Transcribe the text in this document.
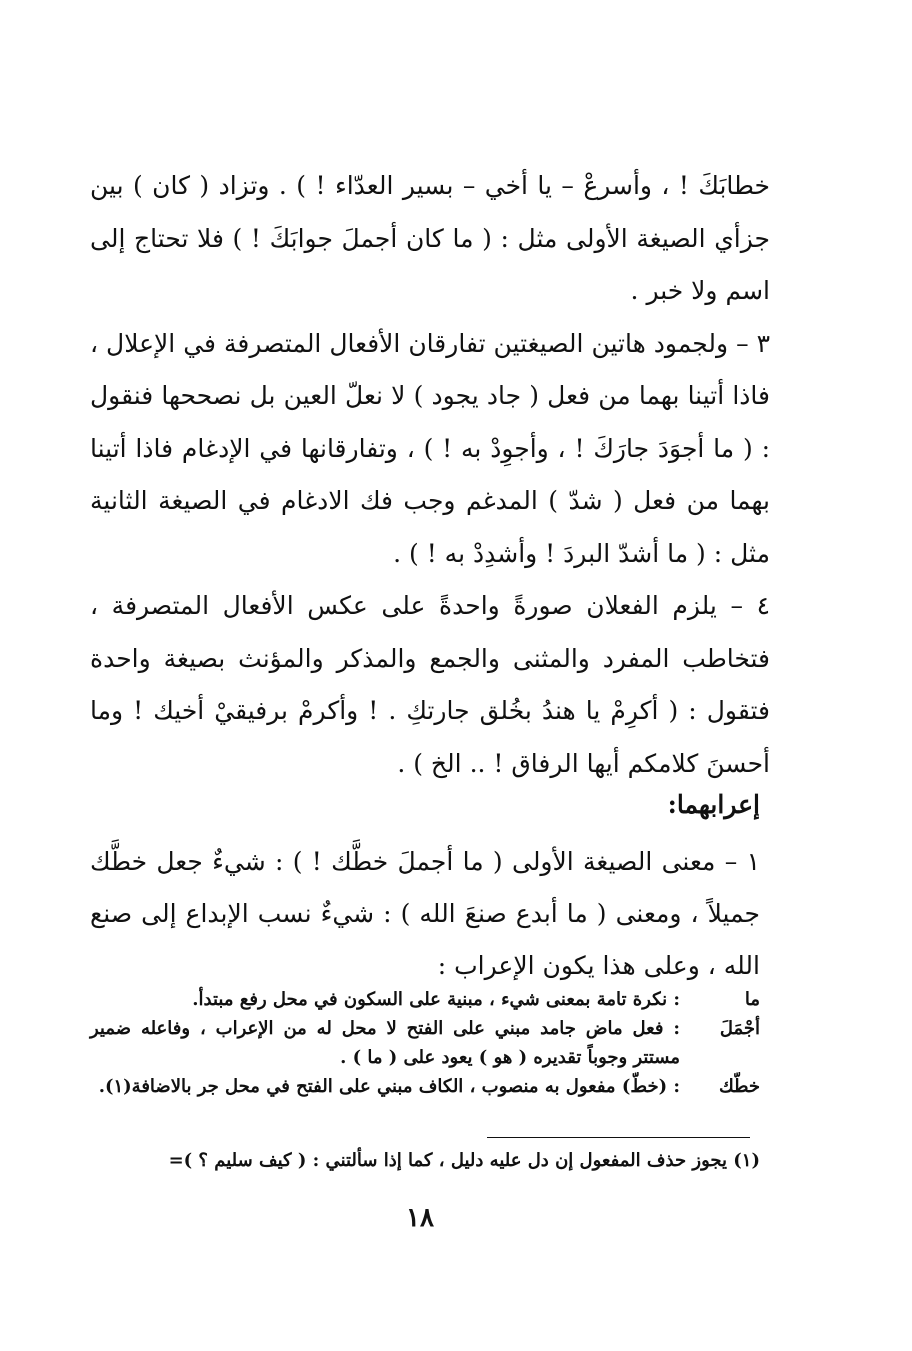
خطابَكَ ! ، وأسرعْ – يا أخي – بسير العدّاء ! ) . وتزاد ( كان ) بين جزأي الصيغة الأولى مثل : ( ما كان أجملَ جوابَكَ ! ) فلا تحتاج إلى اسم ولا خبر .

٣ – ولجمود هاتين الصيغتين تفارقان الأفعال المتصرفة في الإعلال ، فاذا أتينا بهما من فعل ( جاد يجود ) لا نعلّ العين بل نصححها فنقول : ( ما أجوَدَ جارَكَ ! ، وأجوِدْ به ! ) ، وتفارقانها في الإدغام فاذا أتينا بهما من فعل ( شدّ ) المدغم وجب فك الادغام في الصيغة الثانية مثل : ( ما أشدّ البردَ ! وأشدِدْ به ! ) .

٤ – يلزم الفعلان صورةً واحدةً على عكس الأفعال المتصرفة ، فتخاطب المفرد والمثنى والجمع والمذكر والمؤنث بصيغة واحدة فتقول : ( أكرِمْ يا هندُ بخُلق جارتكِ . ! وأكرمْ برفيقيْ أخيك ! وما أحسنَ كلامكم أيها الرفاق ! .. الخ ) .

إعرابهما:

١ – معنى الصيغة الأولى ( ما أجملَ خطَّك ! ) : شيءٌ جعل خطَّك جميلاً ، ومعنى ( ما أبدع صنعَ الله ) : شيءٌ نسب الإبداع إلى صنع الله ، وعلى هذا يكون الإعراب :

ما
: نكرة تامة بمعنى شيء ، مبنية على السكون في محل رفع مبتدأ.
أجْمَلَ
: فعل ماض جامد مبني على الفتح لا محل له من الإعراب ، وفاعله ضمير مستتر وجوباً تقديره ( هو ) يعود على ( ما ) .
خطّك
: (خطّ) مفعول به منصوب ، الكاف مبني على الفتح في محل جر بالاضافة(١).
(١) يجوز حذف المفعول إن دل عليه دليل ، كما إذا سألتني : ( كيف سليم ؟ )=
١٨
